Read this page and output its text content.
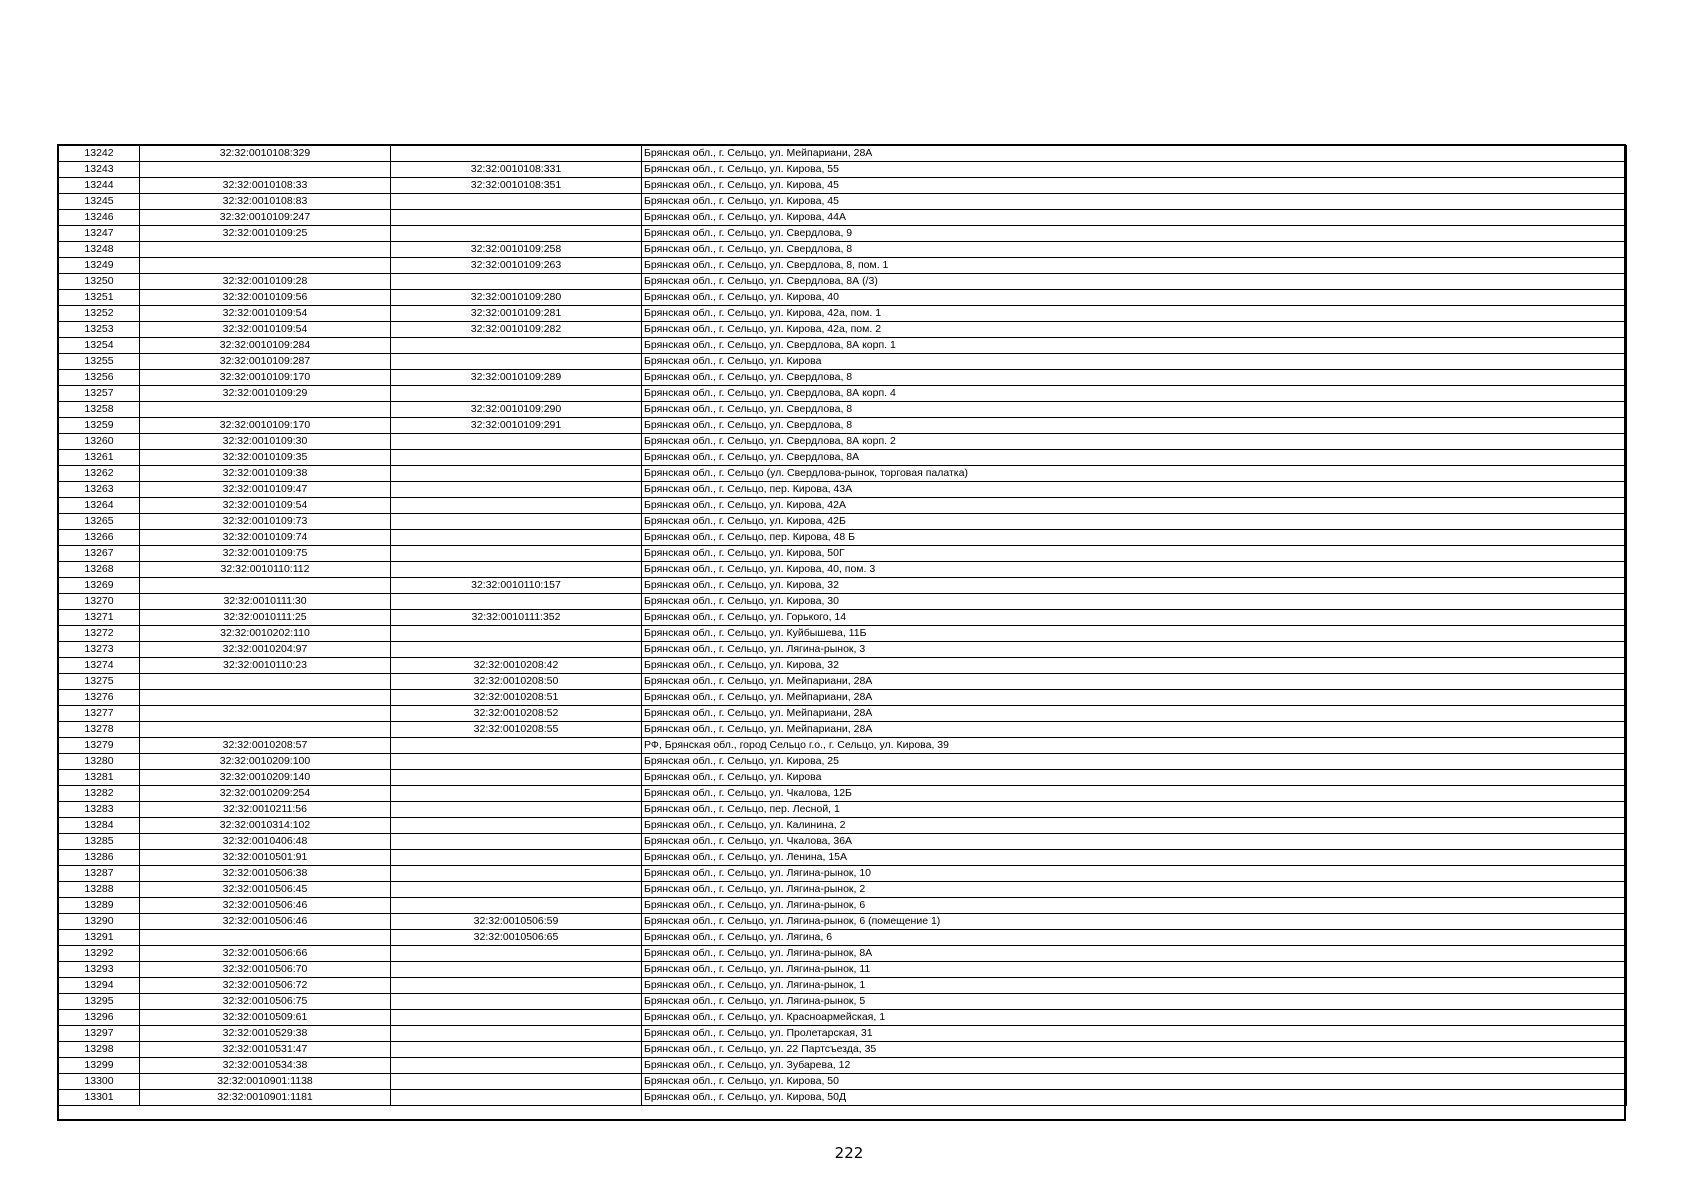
13242	32:32:0010108:329		Брянская обл., г. Сельцо, ул. Мейпариани, 28А
13243		32:32:0010108:331	Брянская обл., г. Сельцо, ул. Кирова, 55
13244	32:32:0010108:33	32:32:0010108:351	Брянская обл., г. Сельцо, ул. Кирова, 45
13245	32:32:0010108:83		Брянская обл., г. Сельцо, ул. Кирова, 45
13246	32:32:0010109:247		Брянская обл., г. Сельцо, ул. Кирова, 44А
13247	32:32:0010109:25		Брянская обл., г. Сельцо, ул. Свердлова, 9
13248		32:32:0010109:258	Брянская обл., г. Сельцо, ул. Свердлова, 8
13249		32:32:0010109:263	Брянская обл., г. Сельцо, ул. Свердлова, 8, пом. 1
13250	32:32:0010109:28		Брянская обл., г. Сельцо, ул. Свердлова, 8А (/3)
13251	32:32:0010109:56	32:32:0010109:280	Брянская обл., г. Сельцо, ул. Кирова, 40
13252	32:32:0010109:54	32:32:0010109:281	Брянская обл., г. Сельцо, ул. Кирова, 42а, пом. 1
13253	32:32:0010109:54	32:32:0010109:282	Брянская обл., г. Сельцо, ул. Кирова, 42а, пом. 2
13254	32:32:0010109:284		Брянская обл., г. Сельцо, ул. Свердлова, 8А корп. 1
13255	32:32:0010109:287		Брянская обл., г. Сельцо, ул. Кирова
13256	32:32:0010109:170	32:32:0010109:289	Брянская обл., г. Сельцо, ул. Свердлова, 8
13257	32:32:0010109:29		Брянская обл., г. Сельцо, ул. Свердлова, 8А корп. 4
13258		32:32:0010109:290	Брянская обл., г. Сельцо, ул. Свердлова, 8
13259	32:32:0010109:170	32:32:0010109:291	Брянская обл., г. Сельцо, ул. Свердлова, 8
13260	32:32:0010109:30		Брянская обл., г. Сельцо, ул. Свердлова, 8А корп. 2
13261	32:32:0010109:35		Брянская обл., г. Сельцо, ул. Свердлова, 8А
13262	32:32:0010109:38		Брянская обл., г. Сельцо (ул. Свердлова-рынок, торговая палатка)
13263	32:32:0010109:47		Брянская обл., г. Сельцо, пер. Кирова, 43А
13264	32:32:0010109:54		Брянская обл., г. Сельцо, ул. Кирова, 42А
13265	32:32:0010109:73		Брянская обл., г. Сельцо, ул. Кирова, 42Б
13266	32:32:0010109:74		Брянская обл., г. Сельцо, пер. Кирова, 48 Б
13267	32:32:0010109:75		Брянская обл., г. Сельцо, ул. Кирова, 50Г
13268	32:32:0010110:112		Брянская обл., г. Сельцо, ул. Кирова, 40, пом. 3
13269		32:32:0010110:157	Брянская обл., г. Сельцо, ул. Кирова, 32
13270	32:32:0010111:30		Брянская обл., г. Сельцо, ул. Кирова, 30
13271	32:32:0010111:25	32:32:0010111:352	Брянская обл., г. Сельцо, ул. Горького, 14
13272	32:32:0010202:110		Брянская обл., г. Сельцо, ул. Куйбышева, 11Б
13273	32:32:0010204:97		Брянская обл., г. Сельцо, ул. Лягина-рынок, 3
13274	32:32:0010110:23	32:32:0010208:42	Брянская обл., г. Сельцо, ул. Кирова, 32
13275		32:32:0010208:50	Брянская обл., г. Сельцо, ул. Мейпариани, 28А
13276		32:32:0010208:51	Брянская обл., г. Сельцо, ул. Мейпариани, 28А
13277		32:32:0010208:52	Брянская обл., г. Сельцо, ул. Мейпариани, 28А
13278		32:32:0010208:55	Брянская обл., г. Сельцо, ул. Мейпариани, 28А
13279	32:32:0010208:57		РФ, Брянская обл., город Сельцо г.о., г. Сельцо, ул. Кирова, 39
13280	32:32:0010209:100		Брянская обл., г. Сельцо, ул. Кирова, 25
13281	32:32:0010209:140		Брянская обл., г. Сельцо, ул. Кирова
13282	32:32:0010209:254		Брянская обл., г. Сельцо, ул. Чкалова, 12Б
13283	32:32:0010211:56		Брянская обл., г. Сельцо, пер. Лесной, 1
13284	32:32:0010314:102		Брянская обл., г. Сельцо, ул. Калинина, 2
13285	32:32:0010406:48		Брянская обл., г. Сельцо, ул. Чкалова, 36А
13286	32:32:0010501:91		Брянская обл., г. Сельцо, ул. Ленина, 15А
13287	32:32:0010506:38		Брянская обл., г. Сельцо, ул. Лягина-рынок, 10
13288	32:32:0010506:45		Брянская обл., г. Сельцо, ул. Лягина-рынок, 2
13289	32:32:0010506:46		Брянская обл., г. Сельцо, ул. Лягина-рынок, 6
13290	32:32:0010506:46	32:32:0010506:59	Брянская обл., г. Сельцо, ул. Лягина-рынок, 6 (помещение 1)
13291		32:32:0010506:65	Брянская обл., г. Сельцо, ул. Лягина, 6
13292	32:32:0010506:66		Брянская обл., г. Сельцо, ул. Лягина-рынок, 8А
13293	32:32:0010506:70		Брянская обл., г. Сельцо, ул. Лягина-рынок, 11
13294	32:32:0010506:72		Брянская обл., г. Сельцо, ул. Лягина-рынок, 1
13295	32:32:0010506:75		Брянская обл., г. Сельцо, ул. Лягина-рынок, 5
13296	32:32:0010509:61		Брянская обл., г. Сельцо, ул. Красноармейская, 1
13297	32:32:0010529:38		Брянская обл., г. Сельцо, ул. Пролетарская, 31
13298	32:32:0010531:47		Брянская обл., г. Сельцо, ул. 22 Партсъезда, 35
13299	32:32:0010534:38		Брянская обл., г. Сельцо, ул. Зубарева, 12
13300	32:32:0010901:1138		Брянская обл., г. Сельцо, ул. Кирова, 50
13301	32:32:0010901:1181		Брянская обл., г. Сельцо, ул. Кирова, 50Д
222
